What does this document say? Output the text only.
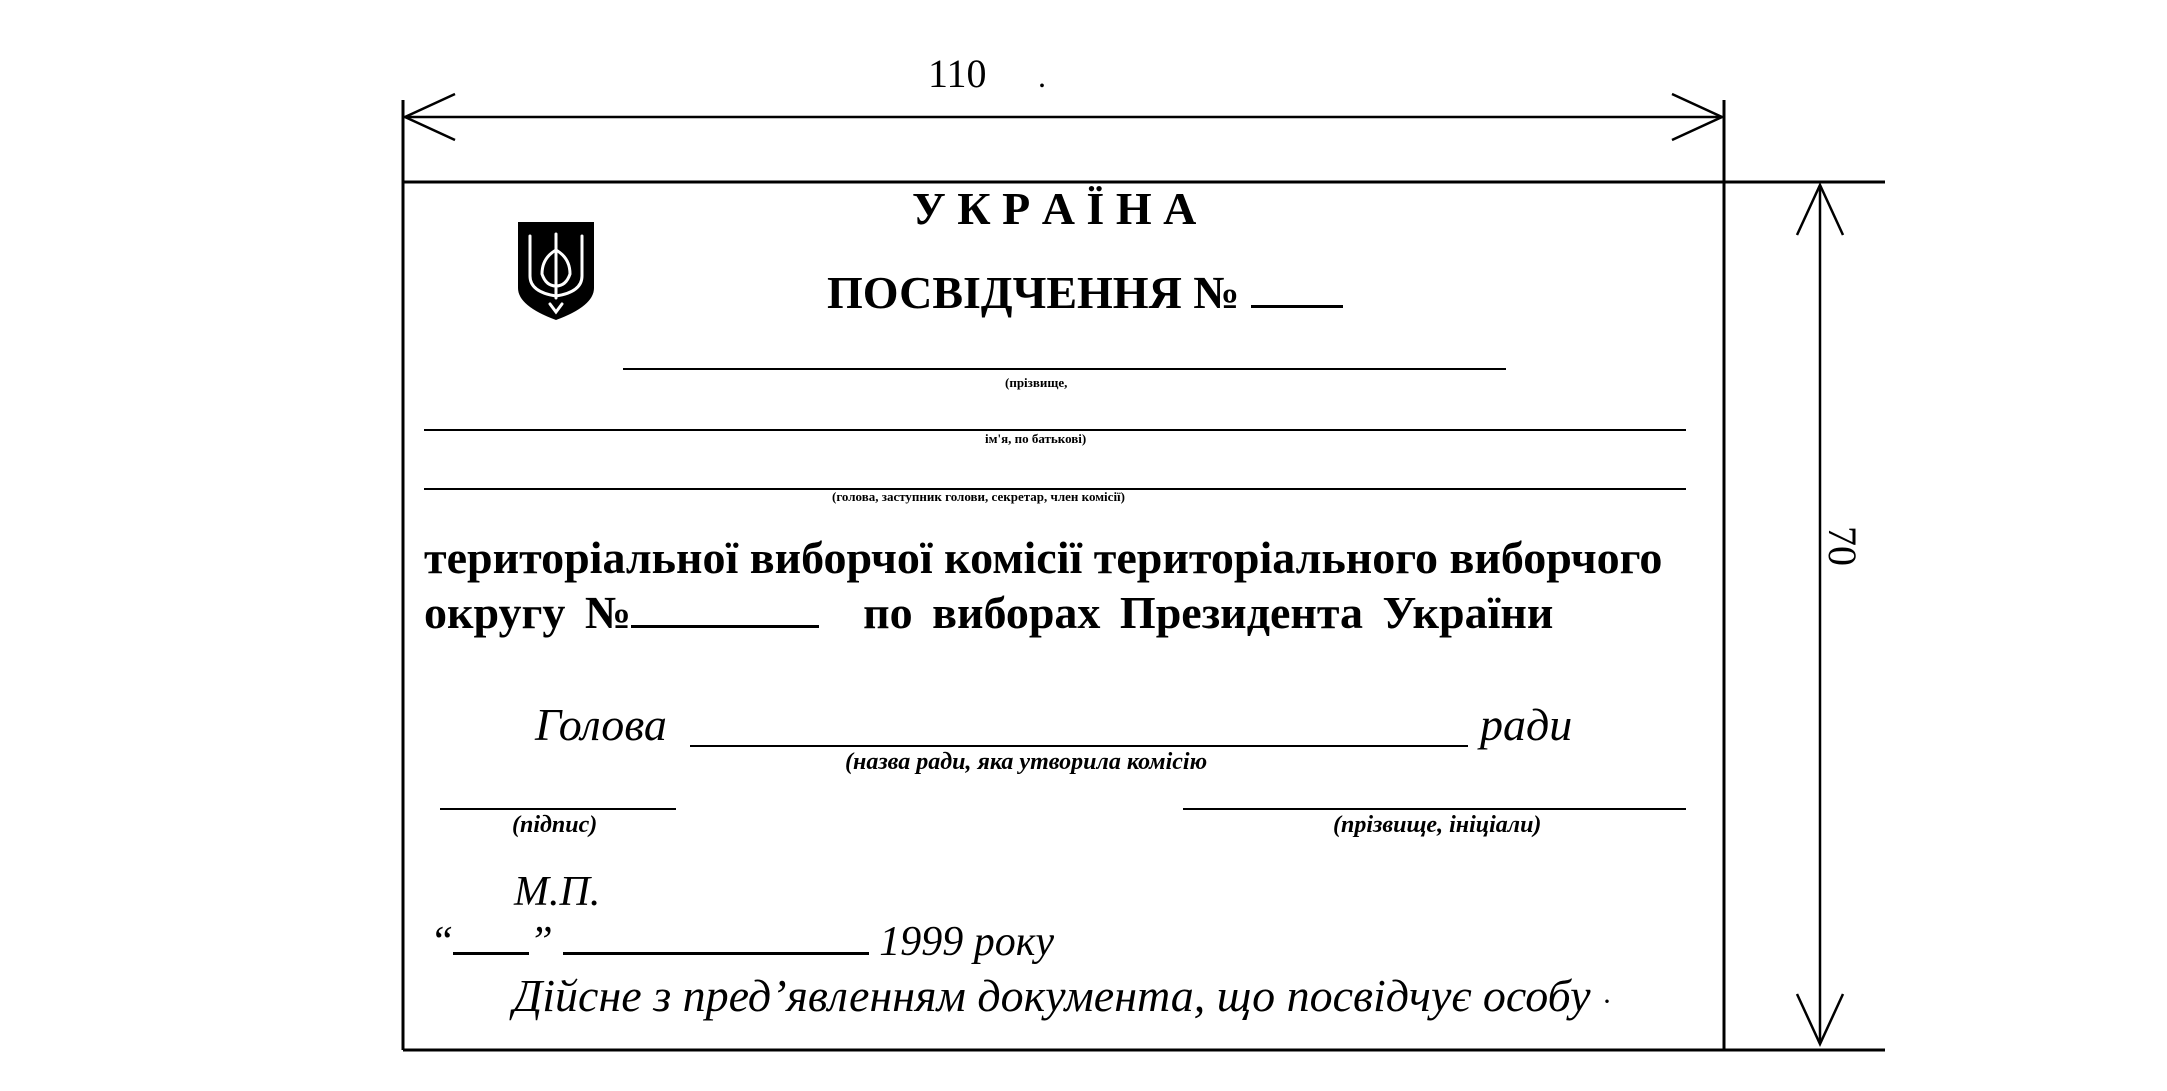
110 .
70
У К Р А Ї Н А
ПОСВІДЧЕННЯ №
(прізвище,
ім'я, по батькові)
(голова, заступник голови, секретар, член комісії)
територіальної виборчої комісії територіального виборчого
округу №	по виборах Президента України
Голова	ради
(назва ради, яка утворила комісію
(підпис)	(прізвище, ініціали)
М.П.
“ ”	1999 року
Дійсне з пред’явленням документа, що посвідчує особу ·
